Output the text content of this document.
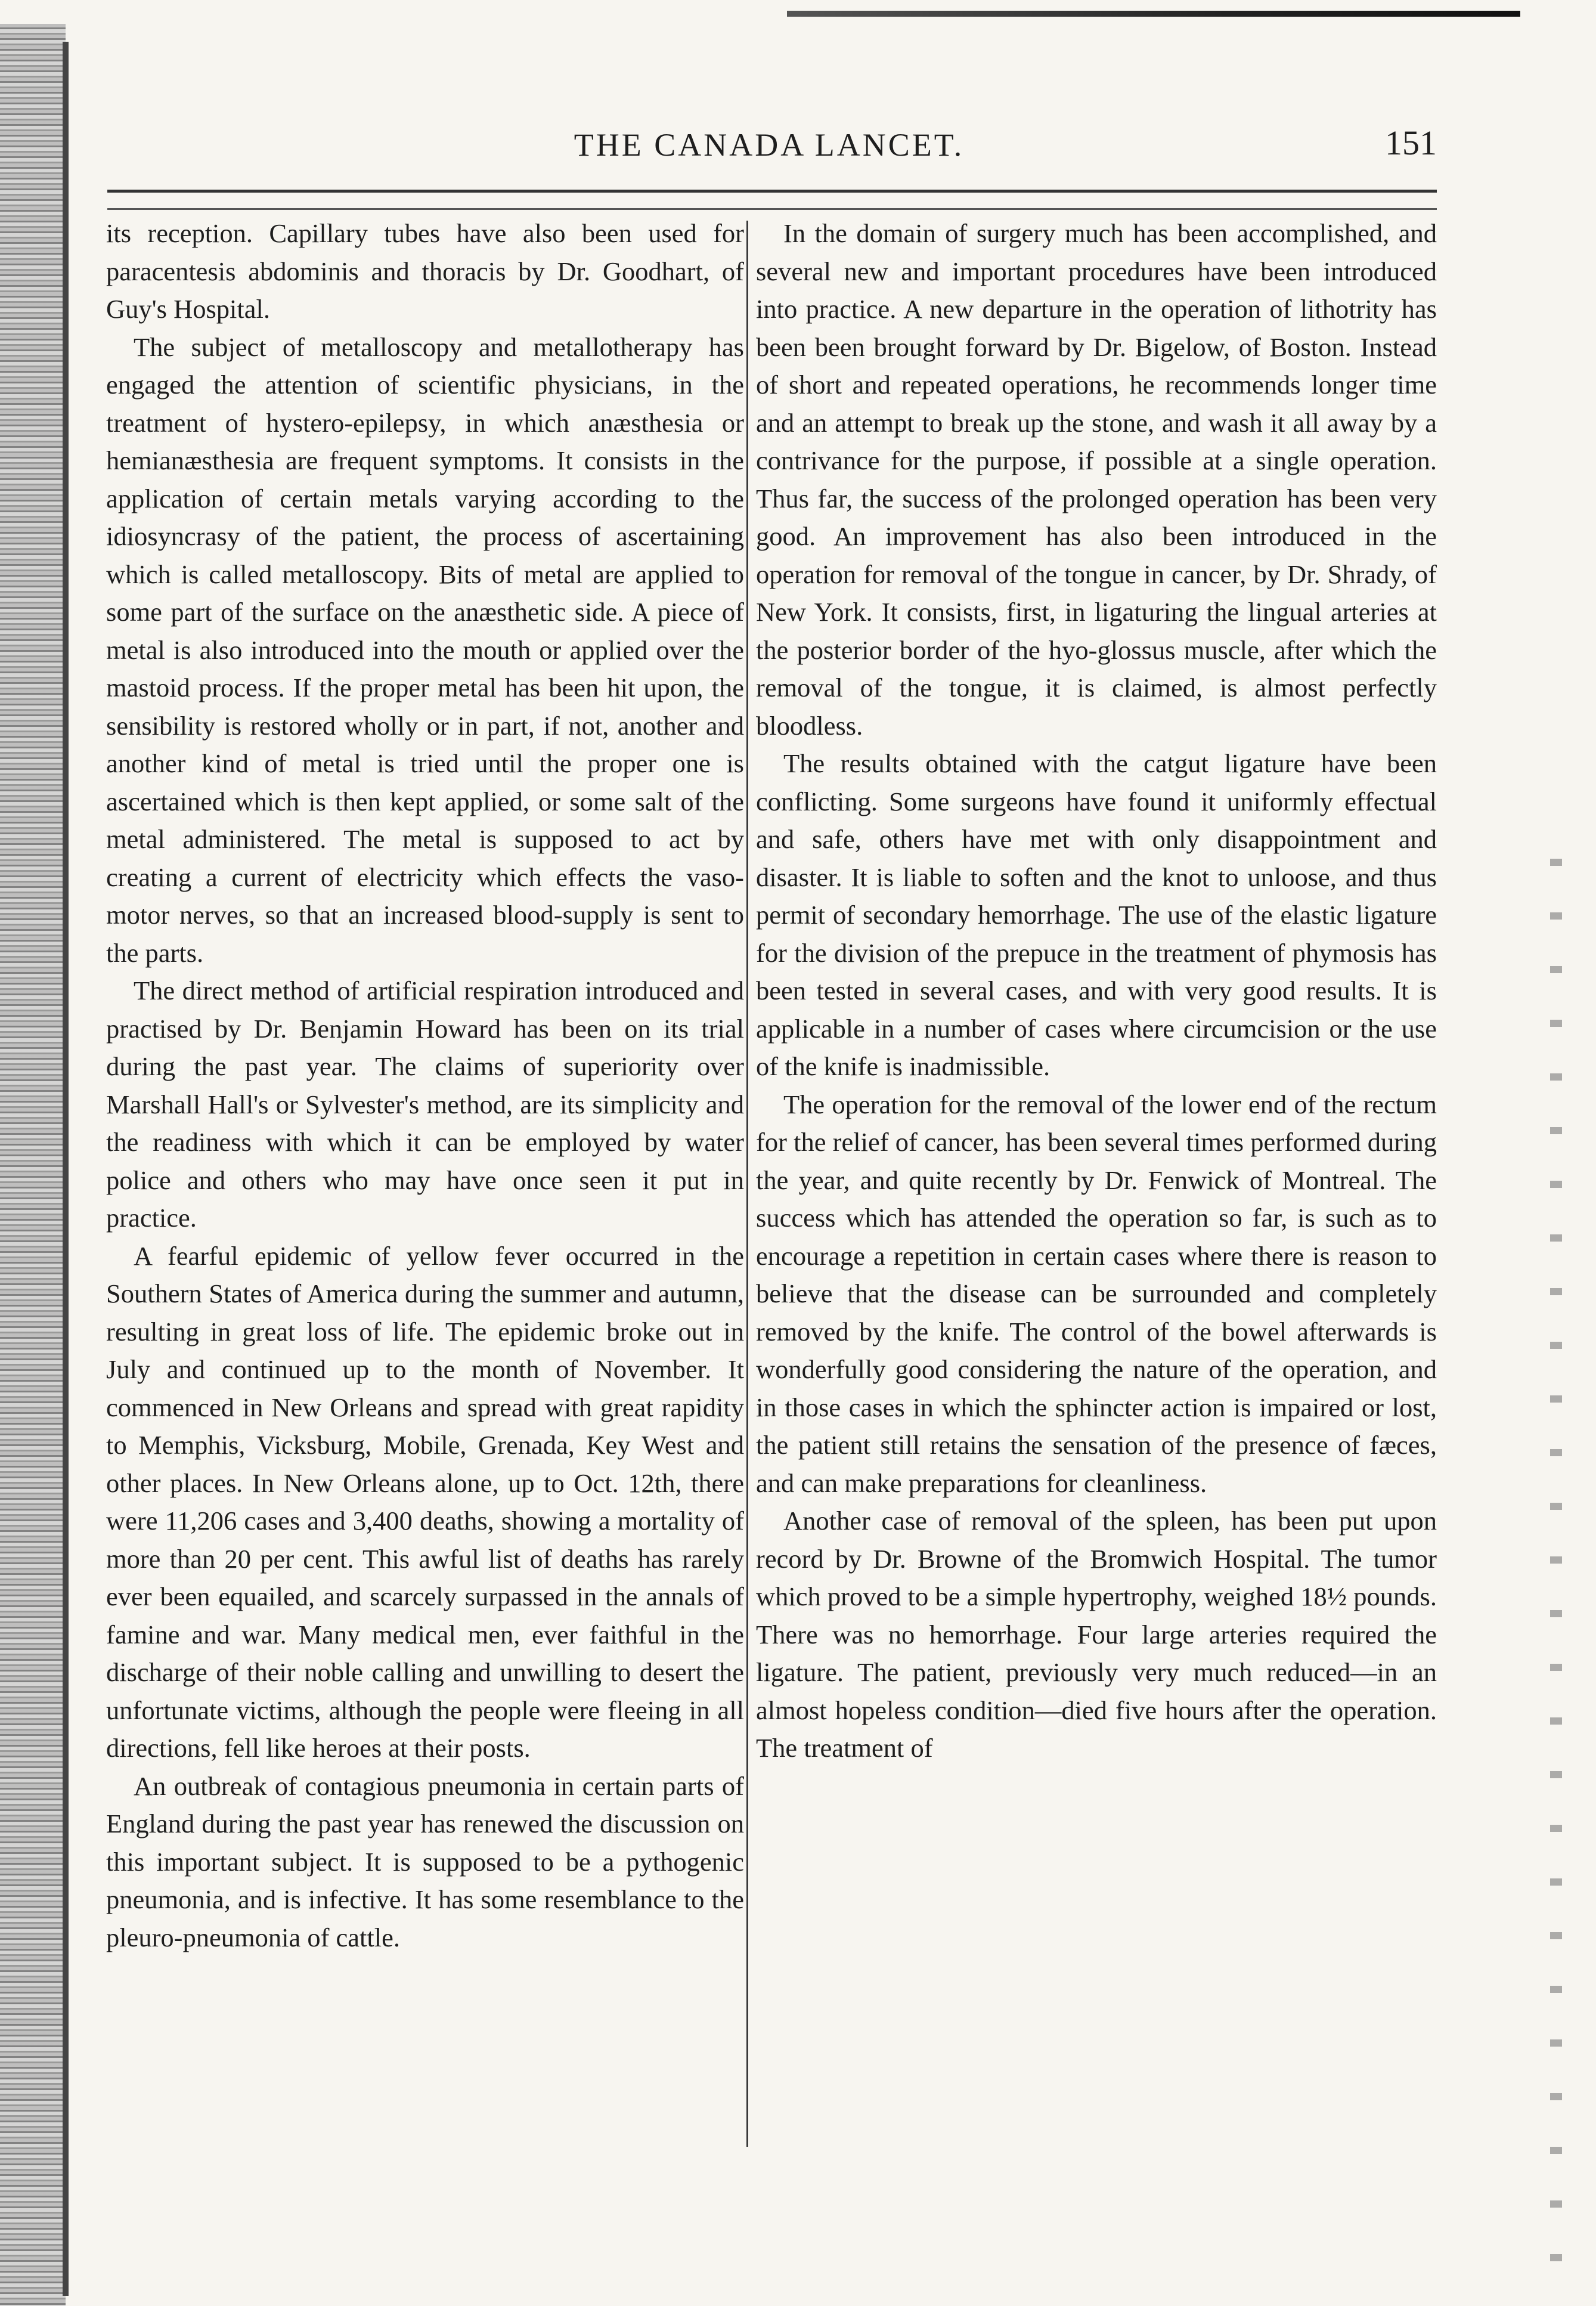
THE CANADA LANCET.	151

its reception. Capillary tubes have also been used for paracentesis abdominis and thoracis by Dr. Goodhart, of Guy's Hospital.

The subject of metalloscopy and metallotherapy has engaged the attention of scientific physicians, in the treatment of hystero-epilepsy, in which anæsthesia or hemianæsthesia are frequent symptoms. It consists in the application of certain metals varying according to the idiosyncrasy of the patient, the process of ascertaining which is called metalloscopy. Bits of metal are applied to some part of the surface on the anæsthetic side. A piece of metal is also introduced into the mouth or applied over the mastoid process. If the proper metal has been hit upon, the sensibility is restored wholly or in part, if not, another and another kind of metal is tried until the proper one is ascertained which is then kept applied, or some salt of the metal administered. The metal is supposed to act by creating a current of electricity which effects the vaso-motor nerves, so that an increased blood-supply is sent to the parts.

The direct method of artificial respiration introduced and practised by Dr. Benjamin Howard has been on its trial during the past year. The claims of superiority over Marshall Hall's or Sylvester's method, are its simplicity and the readiness with which it can be employed by water police and others who may have once seen it put in practice.

A fearful epidemic of yellow fever occurred in the Southern States of America during the summer and autumn, resulting in great loss of life. The epidemic broke out in July and continued up to the month of November. It commenced in New Orleans and spread with great rapidity to Memphis, Vicksburg, Mobile, Grenada, Key West and other places. In New Orleans alone, up to Oct. 12th, there were 11,206 cases and 3,400 deaths, showing a mortality of more than 20 per cent. This awful list of deaths has rarely ever been equailed, and scarcely surpassed in the annals of famine and war. Many medical men, ever faithful in the discharge of their noble calling and unwilling to desert the unfortunate victims, although the people were fleeing in all directions, fell like heroes at their posts.

An outbreak of contagious pneumonia in certain parts of England during the past year has renewed the discussion on this important subject. It is supposed to be a pythogenic pneumonia, and is infective. It has some resemblance to the pleuro-pneumonia of cattle.

In the domain of surgery much has been accomplished, and several new and important procedures have been introduced into practice. A new departure in the operation of lithotrity has been been brought forward by Dr. Bigelow, of Boston. Instead of short and repeated operations, he recommends longer time and an attempt to break up the stone, and wash it all away by a contrivance for the purpose, if possible at a single operation. Thus far, the success of the prolonged operation has been very good. An improvement has also been introduced in the operation for removal of the tongue in cancer, by Dr. Shrady, of New York. It consists, first, in ligaturing the lingual arteries at the posterior border of the hyo-glossus muscle, after which the removal of the tongue, it is claimed, is almost perfectly bloodless.

The results obtained with the catgut ligature have been conflicting. Some surgeons have found it uniformly effectual and safe, others have met with only disappointment and disaster. It is liable to soften and the knot to unloose, and thus permit of secondary hemorrhage. The use of the elastic ligature for the division of the prepuce in the treatment of phymosis has been tested in several cases, and with very good results. It is applicable in a number of cases where circumcision or the use of the knife is inadmissible.

The operation for the removal of the lower end of the rectum for the relief of cancer, has been several times performed during the year, and quite recently by Dr. Fenwick of Montreal. The success which has attended the operation so far, is such as to encourage a repetition in certain cases where there is reason to believe that the disease can be surrounded and completely removed by the knife. The control of the bowel afterwards is wonderfully good considering the nature of the operation, and in those cases in which the sphincter action is impaired or lost, the patient still retains the sensation of the presence of fæces, and can make preparations for cleanliness.

Another case of removal of the spleen, has been put upon record by Dr. Browne of the Bromwich Hospital. The tumor which proved to be a simple hypertrophy, weighed 18½ pounds. There was no hemorrhage. Four large arteries required the ligature. The patient, previously very much reduced—in an almost hopeless condition—died five hours after the operation. The treatment of
